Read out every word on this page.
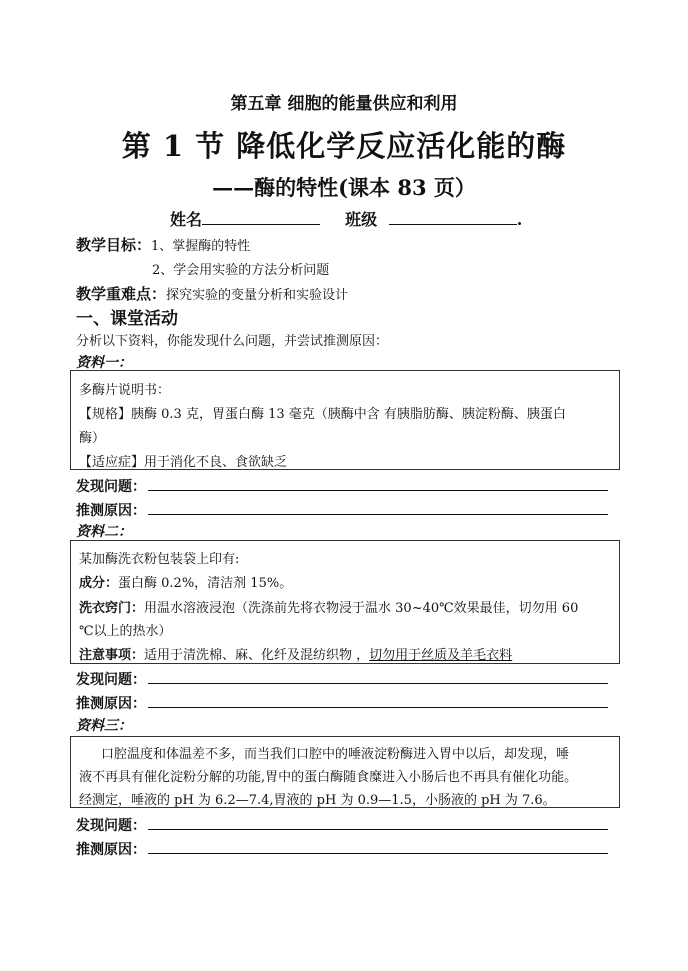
第五章 细胞的能量供应和利用
第 1 节 降低化学反应活化能的酶
——酶的特性(课本 83 页）
姓名	班级	.
教学目标：1、掌握酶的特性
2、学会用实验的方法分析问题
教学重难点：探究实验的变量分析和实验设计
一、课堂活动
分析以下资料，你能发现什么问题，并尝试推测原因：
资料一：
多酶片说明书：
【规格】胰酶 0.3 克，胃蛋白酶 13 毫克（胰酶中含 有胰脂肪酶、胰淀粉酶、胰蛋白
酶）
【适应症】用于消化不良、食欲缺乏
发现问题：
推测原因：
资料二：
某加酶洗衣粉包装袋上印有:
成分：蛋白酶 0.2%，清洁剂 15%。
洗衣窍门：用温水溶液浸泡（洗涤前先将衣物浸于温水 30~40℃效果最佳，切勿用 60
℃以上的热水）
注意事项：适用于清洗棉、麻、化纤及混纺织物 ，切勿用于丝质及羊毛衣料
发现问题：
推测原因：
资料三：
口腔温度和体温差不多，而当我们口腔中的唾液淀粉酶进入胃中以后，却发现，唾
液不再具有催化淀粉分解的功能,胃中的蛋白酶随食糜进入小肠后也不再具有催化功能。
经测定，唾液的 pH 为 6.2—7.4,胃液的 pH 为 0.9—1.5，小肠液的 pH 为 7.6。
发现问题：
推测原因：
